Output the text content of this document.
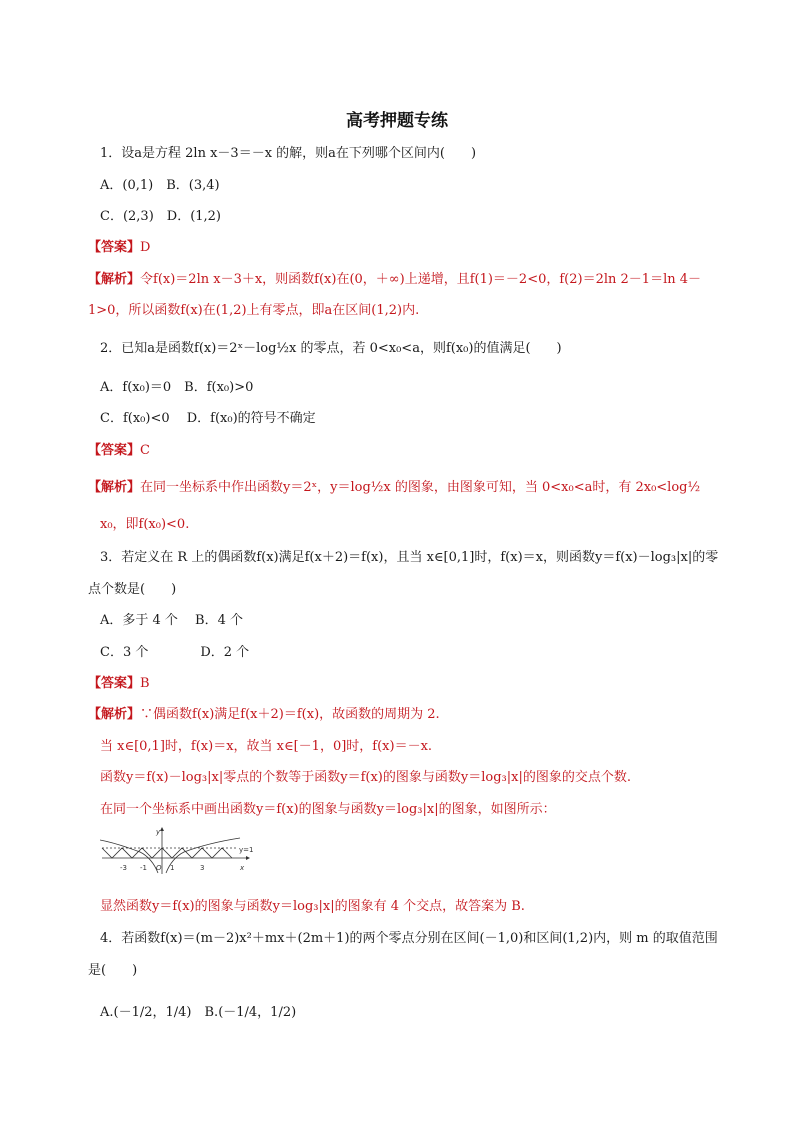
高考押题专练
1．设a是方程 2ln x－3＝－x 的解，则a在下列哪个区间内(　　)
A．(0,1)　B．(3,4)
C．(2,3)　D．(1,2)
【答案】D
【解析】令f(x)＝2ln x－3＋x，则函数f(x)在(0，＋∞)上递增，且f(1)＝－2<0，f(2)＝2ln 2－1＝ln 4－
1>0，所以函数f(x)在(1,2)上有零点，即a在区间(1,2)内.
2．已知a是函数f(x)＝2ˣ－log½x 的零点，若 0<x₀<a，则f(x₀)的值满足(　　)
A．f(x₀)＝0　B．f(x₀)>0
C．f(x₀)<0　 D．f(x₀)的符号不确定
【答案】C
【解析】在同一坐标系中作出函数y＝2ˣ，y＝log½x 的图象，由图象可知，当 0<x₀<a时，有 2x₀<log½
x₀，即f(x₀)<0.
3．若定义在 R 上的偶函数f(x)满足f(x＋2)＝f(x)，且当 x∈[0,1]时，f(x)＝x，则函数y＝f(x)－log₃|x|的零
点个数是(　　)
A．多于 4 个　 B．4 个
C．3 个　　　　D．2 个
【答案】B
【解析】∵偶函数f(x)满足f(x＋2)＝f(x)，故函数的周期为 2.
当 x∈[0,1]时，f(x)＝x，故当 x∈[－1，0]时，f(x)＝－x.
函数y＝f(x)－log₃|x|零点的个数等于函数y＝f(x)的图象与函数y＝log₃|x|的图象的交点个数.
在同一个坐标系中画出函数y＝f(x)的图象与函数y＝log₃|x|的图象，如图所示：
y
x
y=1
-3 -1 O 1	3
显然函数y＝f(x)的图象与函数y＝log₃|x|的图象有 4 个交点，故答案为 B.
4．若函数f(x)＝(m－2)x²＋mx＋(2m＋1)的两个零点分别在区间(－1,0)和区间(1,2)内，则 m 的取值范围
是(　　)
A.(－1/2，1/4)　B.(－1/4，1/2)
